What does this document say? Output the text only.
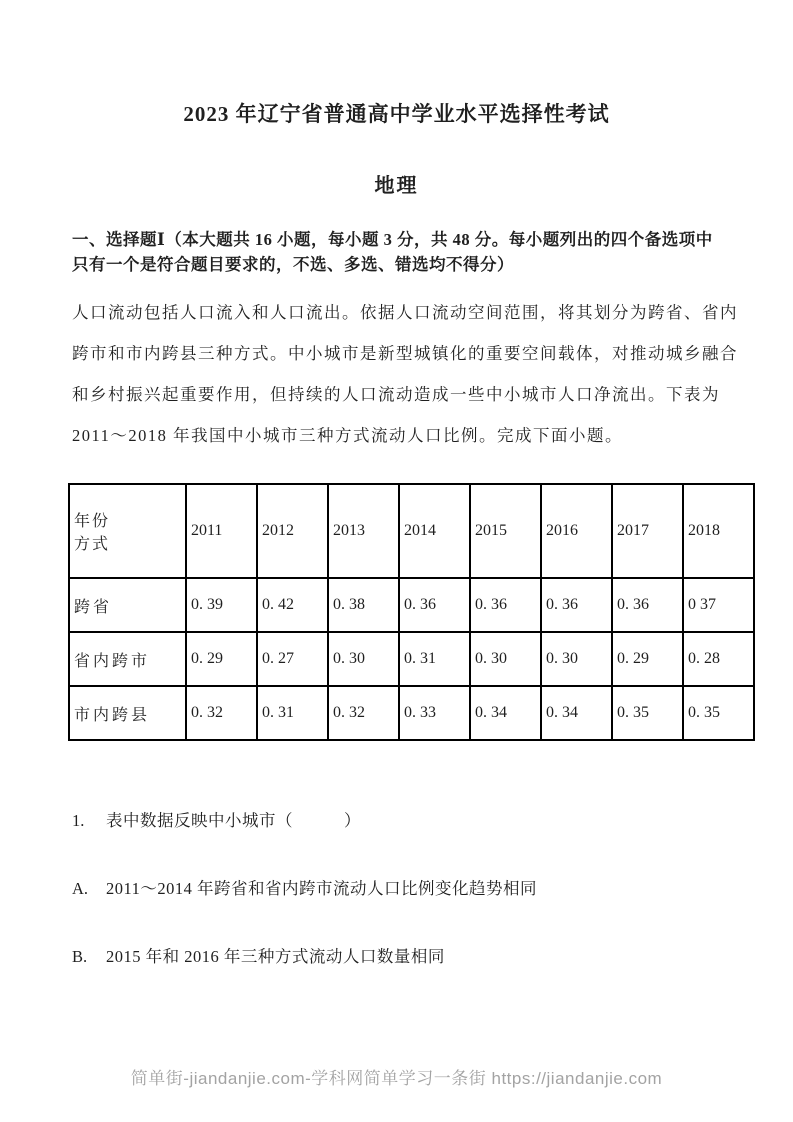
2023 年辽宁省普通高中学业水平选择性考试
地理
一、选择题Ⅰ（本大题共 16 小题，每小题 3 分，共 48 分。每小题列出的四个备选项中
只有一个是符合题目要求的，不选、多选、错选均不得分）
人口流动包括人口流入和人口流出。依据人口流动空间范围，将其划分为跨省、省内
跨市和市内跨县三种方式。中小城市是新型城镇化的重要空间载体，对推动城乡融合
和乡村振兴起重要作用，但持续的人口流动造成一些中小城市人口净流出。下表为
2011～2018 年我国中小城市三种方式流动人口比例。完成下面小题。
年份
方式	2011	2012	2013	2014	2015	2016	2017	2018
跨省	0. 39	0. 42	0. 38	0. 36	0. 36	0. 36	0. 36	0 37
省内跨市	0. 29	0. 27	0. 30	0. 31	0. 30	0. 30	0. 29	0. 28
市内跨县	0. 32	0. 31	0. 32	0. 33	0. 34	0. 34	0. 35	0. 35
1.	表中数据反映中小城市（　　　）
A.	2011～2014 年跨省和省内跨市流动人口比例变化趋势相同
B.	2015 年和 2016 年三种方式流动人口数量相同
简单街-jiandanjie.com-学科网简单学习一条街 https://jiandanjie.com
